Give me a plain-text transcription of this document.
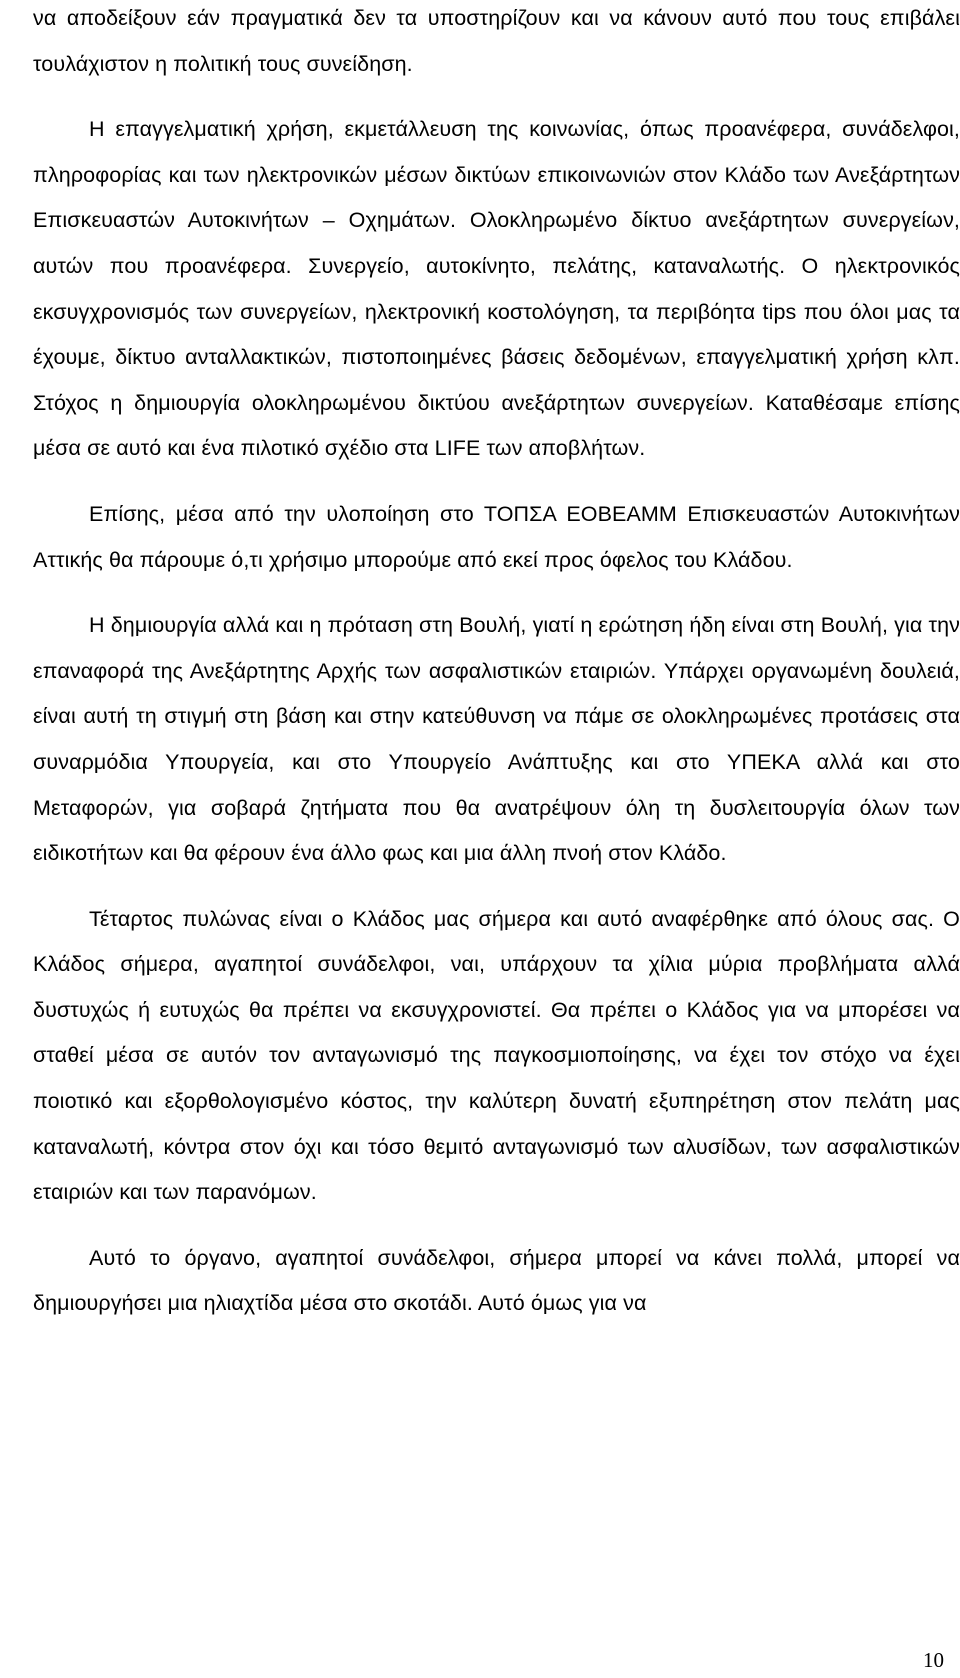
να αποδείξουν εάν πραγματικά δεν τα υποστηρίζουν και να κάνουν αυτό που τους επιβάλει τουλάχιστον η πολιτική τους συνείδηση.

Η επαγγελματική χρήση, εκμετάλλευση της κοινωνίας, όπως προανέφερα, συνάδελφοι, πληροφορίας και των ηλεκτρονικών μέσων δικτύων επικοινωνιών στον Κλάδο των Ανεξάρτητων Επισκευαστών Αυτοκινήτων – Οχημάτων. Ολοκληρωμένο δίκτυο ανεξάρτητων συνεργείων, αυτών που προανέφερα. Συνεργείο, αυτοκίνητο, πελάτης, καταναλωτής. Ο ηλεκτρονικός εκσυγχρονισμός των συνεργείων, ηλεκτρονική κοστολόγηση, τα περιβόητα tips που όλοι μας τα έχουμε, δίκτυο ανταλλακτικών, πιστοποιημένες βάσεις δεδομένων, επαγγελματική χρήση κλπ. Στόχος η δημιουργία ολοκληρωμένου δικτύου ανεξάρτητων συνεργείων. Καταθέσαμε επίσης μέσα σε αυτό και ένα πιλοτικό σχέδιο στα LIFE των αποβλήτων.

Επίσης, μέσα από την υλοποίηση στο ΤΟΠΣΑ ΕΟΒΕΑΜΜ Επισκευαστών Αυτοκινήτων Αττικής θα πάρουμε ό,τι χρήσιμο μπορούμε από εκεί προς όφελος του Κλάδου.

Η δημιουργία αλλά και η πρόταση στη Βουλή, γιατί η ερώτηση ήδη είναι στη Βουλή, για την επαναφορά της Ανεξάρτητης Αρχής των ασφαλιστικών εταιριών. Υπάρχει οργανωμένη δουλειά, είναι αυτή τη στιγμή στη βάση και στην κατεύθυνση να πάμε σε ολοκληρωμένες προτάσεις στα συναρμόδια Υπουργεία, και στο Υπουργείο Ανάπτυξης και στο ΥΠΕΚΑ αλλά και στο Μεταφορών, για σοβαρά ζητήματα που θα ανατρέψουν όλη τη δυσλειτουργία όλων των ειδικοτήτων και θα φέρουν ένα άλλο φως και μια άλλη πνοή στον Κλάδο.

Τέταρτος πυλώνας είναι ο Κλάδος μας σήμερα και αυτό αναφέρθηκε από όλους σας. Ο Κλάδος σήμερα, αγαπητοί συνάδελφοι, ναι, υπάρχουν τα χίλια μύρια προβλήματα αλλά δυστυχώς ή ευτυχώς θα πρέπει να εκσυγχρονιστεί. Θα πρέπει ο Κλάδος για να μπορέσει να σταθεί μέσα σε αυτόν τον ανταγωνισμό της παγκοσμιοποίησης, να έχει τον στόχο να έχει ποιοτικό και εξορθολογισμένο κόστος, την καλύτερη δυνατή εξυπηρέτηση στον πελάτη μας καταναλωτή, κόντρα στον όχι και τόσο θεμιτό ανταγωνισμό των αλυσίδων, των ασφαλιστικών εταιριών και των παρανόμων.

Αυτό το όργανο, αγαπητοί συνάδελφοι, σήμερα μπορεί να κάνει πολλά, μπορεί να δημιουργήσει μια ηλιαχτίδα μέσα στο σκοτάδι. Αυτό όμως για να

10
